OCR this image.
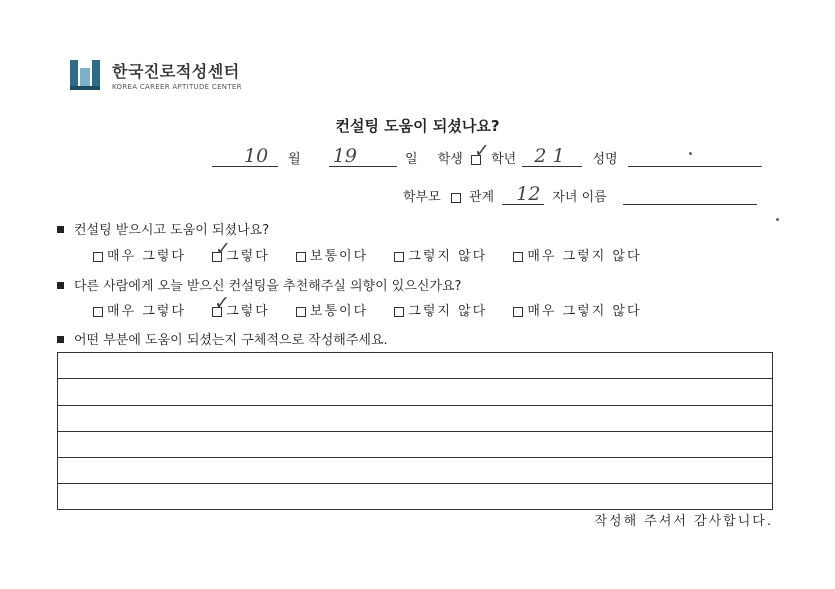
한국진로적성센터
KOREA CAREER APTITUDE CENTER
컨설팅 도움이 되셨나요?
10 월 19	일 학생 ✓ 학년 2 1 성명
학부모 관계 12 자녀 이름
컨설팅 받으시고 도움이 되셨나요?
매우 그렇다 ✓
그렇다	보통이다	그렇지 않다	매우 그렇지 않다
다른 사람에게 오늘 받으신 컨설팅을 추천해주실 의향이 있으신가요?
매우 그렇다 ✓
그렇다	보통이다	그렇지 않다	매우 그렇지 않다
어떤 부분에 도움이 되셨는지 구체적으로 작성해주세요.
작성해 주셔서 감사합니다.
